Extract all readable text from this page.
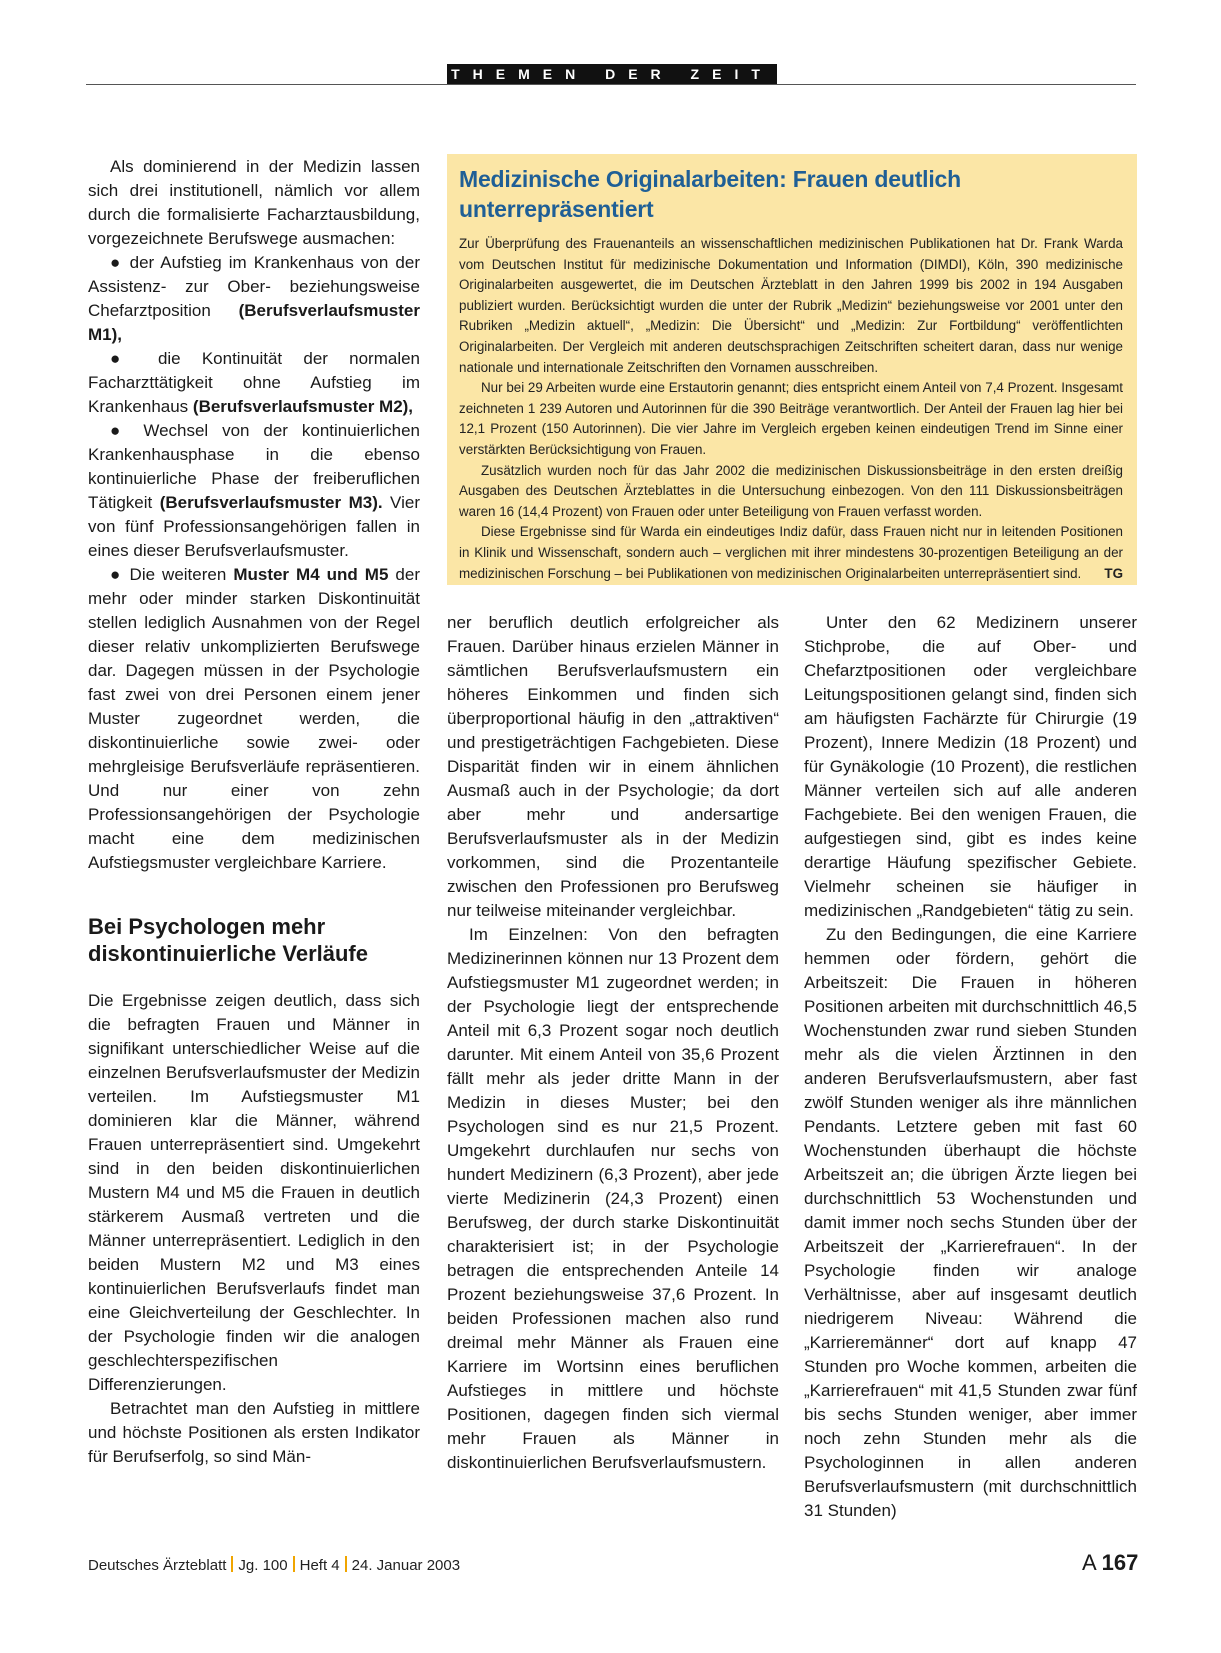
THEMEN DER ZEIT

Als dominierend in der Medizin lassen sich drei institutionell, nämlich vor allem durch die formalisierte Facharztausbildung, vorgezeichnete Berufswege ausmachen:

● der Aufstieg im Krankenhaus von der Assistenz- zur Ober- beziehungsweise Chefarztposition (Berufsverlaufsmuster M1),

● die Kontinuität der normalen Facharzttätigkeit ohne Aufstieg im Krankenhaus (Berufsverlaufsmuster M2),

● Wechsel von der kontinuierlichen Krankenhausphase in die ebenso kontinuierliche Phase der freiberuflichen Tätigkeit (Berufsverlaufsmuster M3). Vier von fünf Professionsangehörigen fallen in eines dieser Berufsverlaufsmuster.

● Die weiteren Muster M4 und M5 der mehr oder minder starken Diskontinuität stellen lediglich Ausnahmen von der Regel dieser relativ unkomplizierten Berufswege dar. Dagegen müssen in der Psychologie fast zwei von drei Personen einem jener Muster zugeordnet werden, die diskontinuierliche sowie zwei- oder mehrgleisige Berufsverläufe repräsentieren. Und nur einer von zehn Professionsangehörigen der Psychologie macht eine dem medizinischen Aufstiegsmuster vergleichbare Karriere.

Bei Psychologen mehr diskontinuierliche Verläufe

Die Ergebnisse zeigen deutlich, dass sich die befragten Frauen und Männer in signifikant unterschiedlicher Weise auf die einzelnen Berufsverlaufsmuster der Medizin verteilen. Im Aufstiegsmuster M1 dominieren klar die Männer, während Frauen unterrepräsentiert sind. Umgekehrt sind in den beiden diskontinuierlichen Mustern M4 und M5 die Frauen in deutlich stärkerem Ausmaß vertreten und die Männer unterrepräsentiert. Lediglich in den beiden Mustern M2 und M3 eines kontinuierlichen Berufsverlaufs findet man eine Gleichverteilung der Geschlechter. In der Psychologie finden wir die analogen geschlechterspezifischen Differenzierungen.

Betrachtet man den Aufstieg in mittlere und höchste Positionen als ersten Indikator für Berufserfolg, so sind Män-

Medizinische Originalarbeiten: Frauen deutlich unterrepräsentiert

Zur Überprüfung des Frauenanteils an wissenschaftlichen medizinischen Publikationen hat Dr. Frank Warda vom Deutschen Institut für medizinische Dokumentation und Information (DIMDI), Köln, 390 medizinische Originalarbeiten ausgewertet, die im Deutschen Ärzteblatt in den Jahren 1999 bis 2002 in 194 Ausgaben publiziert wurden. Berücksichtigt wurden die unter der Rubrik „Medizin“ beziehungsweise vor 2001 unter den Rubriken „Medizin aktuell“, „Medizin: Die Übersicht“ und „Medizin: Zur Fortbildung“ veröffentlichten Originalarbeiten. Der Vergleich mit anderen deutschsprachigen Zeitschriften scheitert daran, dass nur wenige nationale und internationale Zeitschriften den Vornamen ausschreiben.

Nur bei 29 Arbeiten wurde eine Erstautorin genannt; dies entspricht einem Anteil von 7,4 Prozent. Insgesamt zeichneten 1 239 Autoren und Autorinnen für die 390 Beiträge verantwortlich. Der Anteil der Frauen lag hier bei 12,1 Prozent (150 Autorinnen). Die vier Jahre im Vergleich ergeben keinen eindeutigen Trend im Sinne einer verstärkten Berücksichtigung von Frauen.

Zusätzlich wurden noch für das Jahr 2002 die medizinischen Diskussionsbeiträge in den ersten dreißig Ausgaben des Deutschen Ärzteblattes in die Untersuchung einbezogen. Von den 111 Diskussionsbeiträgen waren 16 (14,4 Prozent) von Frauen oder unter Beteiligung von Frauen verfasst worden.

Diese Ergebnisse sind für Warda ein eindeutiges Indiz dafür, dass Frauen nicht nur in leitenden Positionen in Klinik und Wissenschaft, sondern auch – verglichen mit ihrer mindestens 30-prozentigen Beteiligung an der medizinischen Forschung – bei Publikationen von medizinischen Originalarbeiten unterrepräsentiert sind.	TG

ner beruflich deutlich erfolgreicher als Frauen. Darüber hinaus erzielen Männer in sämtlichen Berufsverlaufsmustern ein höheres Einkommen und finden sich überproportional häufig in den „attraktiven“ und prestigeträchtigen Fachgebieten. Diese Disparität finden wir in einem ähnlichen Ausmaß auch in der Psychologie; da dort aber mehr und andersartige Berufsverlaufsmuster als in der Medizin vorkommen, sind die Prozentanteile zwischen den Professionen pro Berufsweg nur teilweise miteinander vergleichbar.

Im Einzelnen: Von den befragten Medizinerinnen können nur 13 Prozent dem Aufstiegsmuster M1 zugeordnet werden; in der Psychologie liegt der entsprechende Anteil mit 6,3 Prozent sogar noch deutlich darunter. Mit einem Anteil von 35,6 Prozent fällt mehr als jeder dritte Mann in der Medizin in dieses Muster; bei den Psychologen sind es nur 21,5 Prozent. Umgekehrt durchlaufen nur sechs von hundert Medizinern (6,3 Prozent), aber jede vierte Medizinerin (24,3 Prozent) einen Berufsweg, der durch starke Diskontinuität charakterisiert ist; in der Psychologie betragen die entsprechenden Anteile 14 Prozent beziehungsweise 37,6 Prozent. In beiden Professionen machen also rund dreimal mehr Männer als Frauen eine Karriere im Wortsinn eines beruflichen Aufstieges in mittlere und höchste Positionen, dagegen finden sich viermal mehr Frauen als Männer in diskontinuierlichen Berufsverlaufsmustern.

Unter den 62 Medizinern unserer Stichprobe, die auf Ober- und Chefarztpositionen oder vergleichbare Leitungspositionen gelangt sind, finden sich am häufigsten Fachärzte für Chirurgie (19 Prozent), Innere Medizin (18 Prozent) und für Gynäkologie (10 Prozent), die restlichen Männer verteilen sich auf alle anderen Fachgebiete. Bei den wenigen Frauen, die aufgestiegen sind, gibt es indes keine derartige Häufung spezifischer Gebiete. Vielmehr scheinen sie häufiger in medizinischen „Randgebieten“ tätig zu sein.

Zu den Bedingungen, die eine Karriere hemmen oder fördern, gehört die Arbeitszeit: Die Frauen in höheren Positionen arbeiten mit durchschnittlich 46,5 Wochenstunden zwar rund sieben Stunden mehr als die vielen Ärztinnen in den anderen Berufsverlaufsmustern, aber fast zwölf Stunden weniger als ihre männlichen Pendants. Letztere geben mit fast 60 Wochenstunden überhaupt die höchste Arbeitszeit an; die übrigen Ärzte liegen bei durchschnittlich 53 Wochenstunden und damit immer noch sechs Stunden über der Arbeitszeit der „Karrierefrauen“. In der Psychologie finden wir analoge Verhältnisse, aber auf insgesamt deutlich niedrigerem Niveau: Während die „Karrieremänner“ dort auf knapp 47 Stunden pro Woche kommen, arbeiten die „Karrierefrauen“ mit 41,5 Stunden zwar fünf bis sechs Stunden weniger, aber immer noch zehn Stunden mehr als die Psychologinnen in allen anderen Berufsverlaufsmustern (mit durchschnittlich 31 Stunden)

Deutsches Ärzteblatt Jg. 100 Heft 4 24. Januar 2003	A 167
